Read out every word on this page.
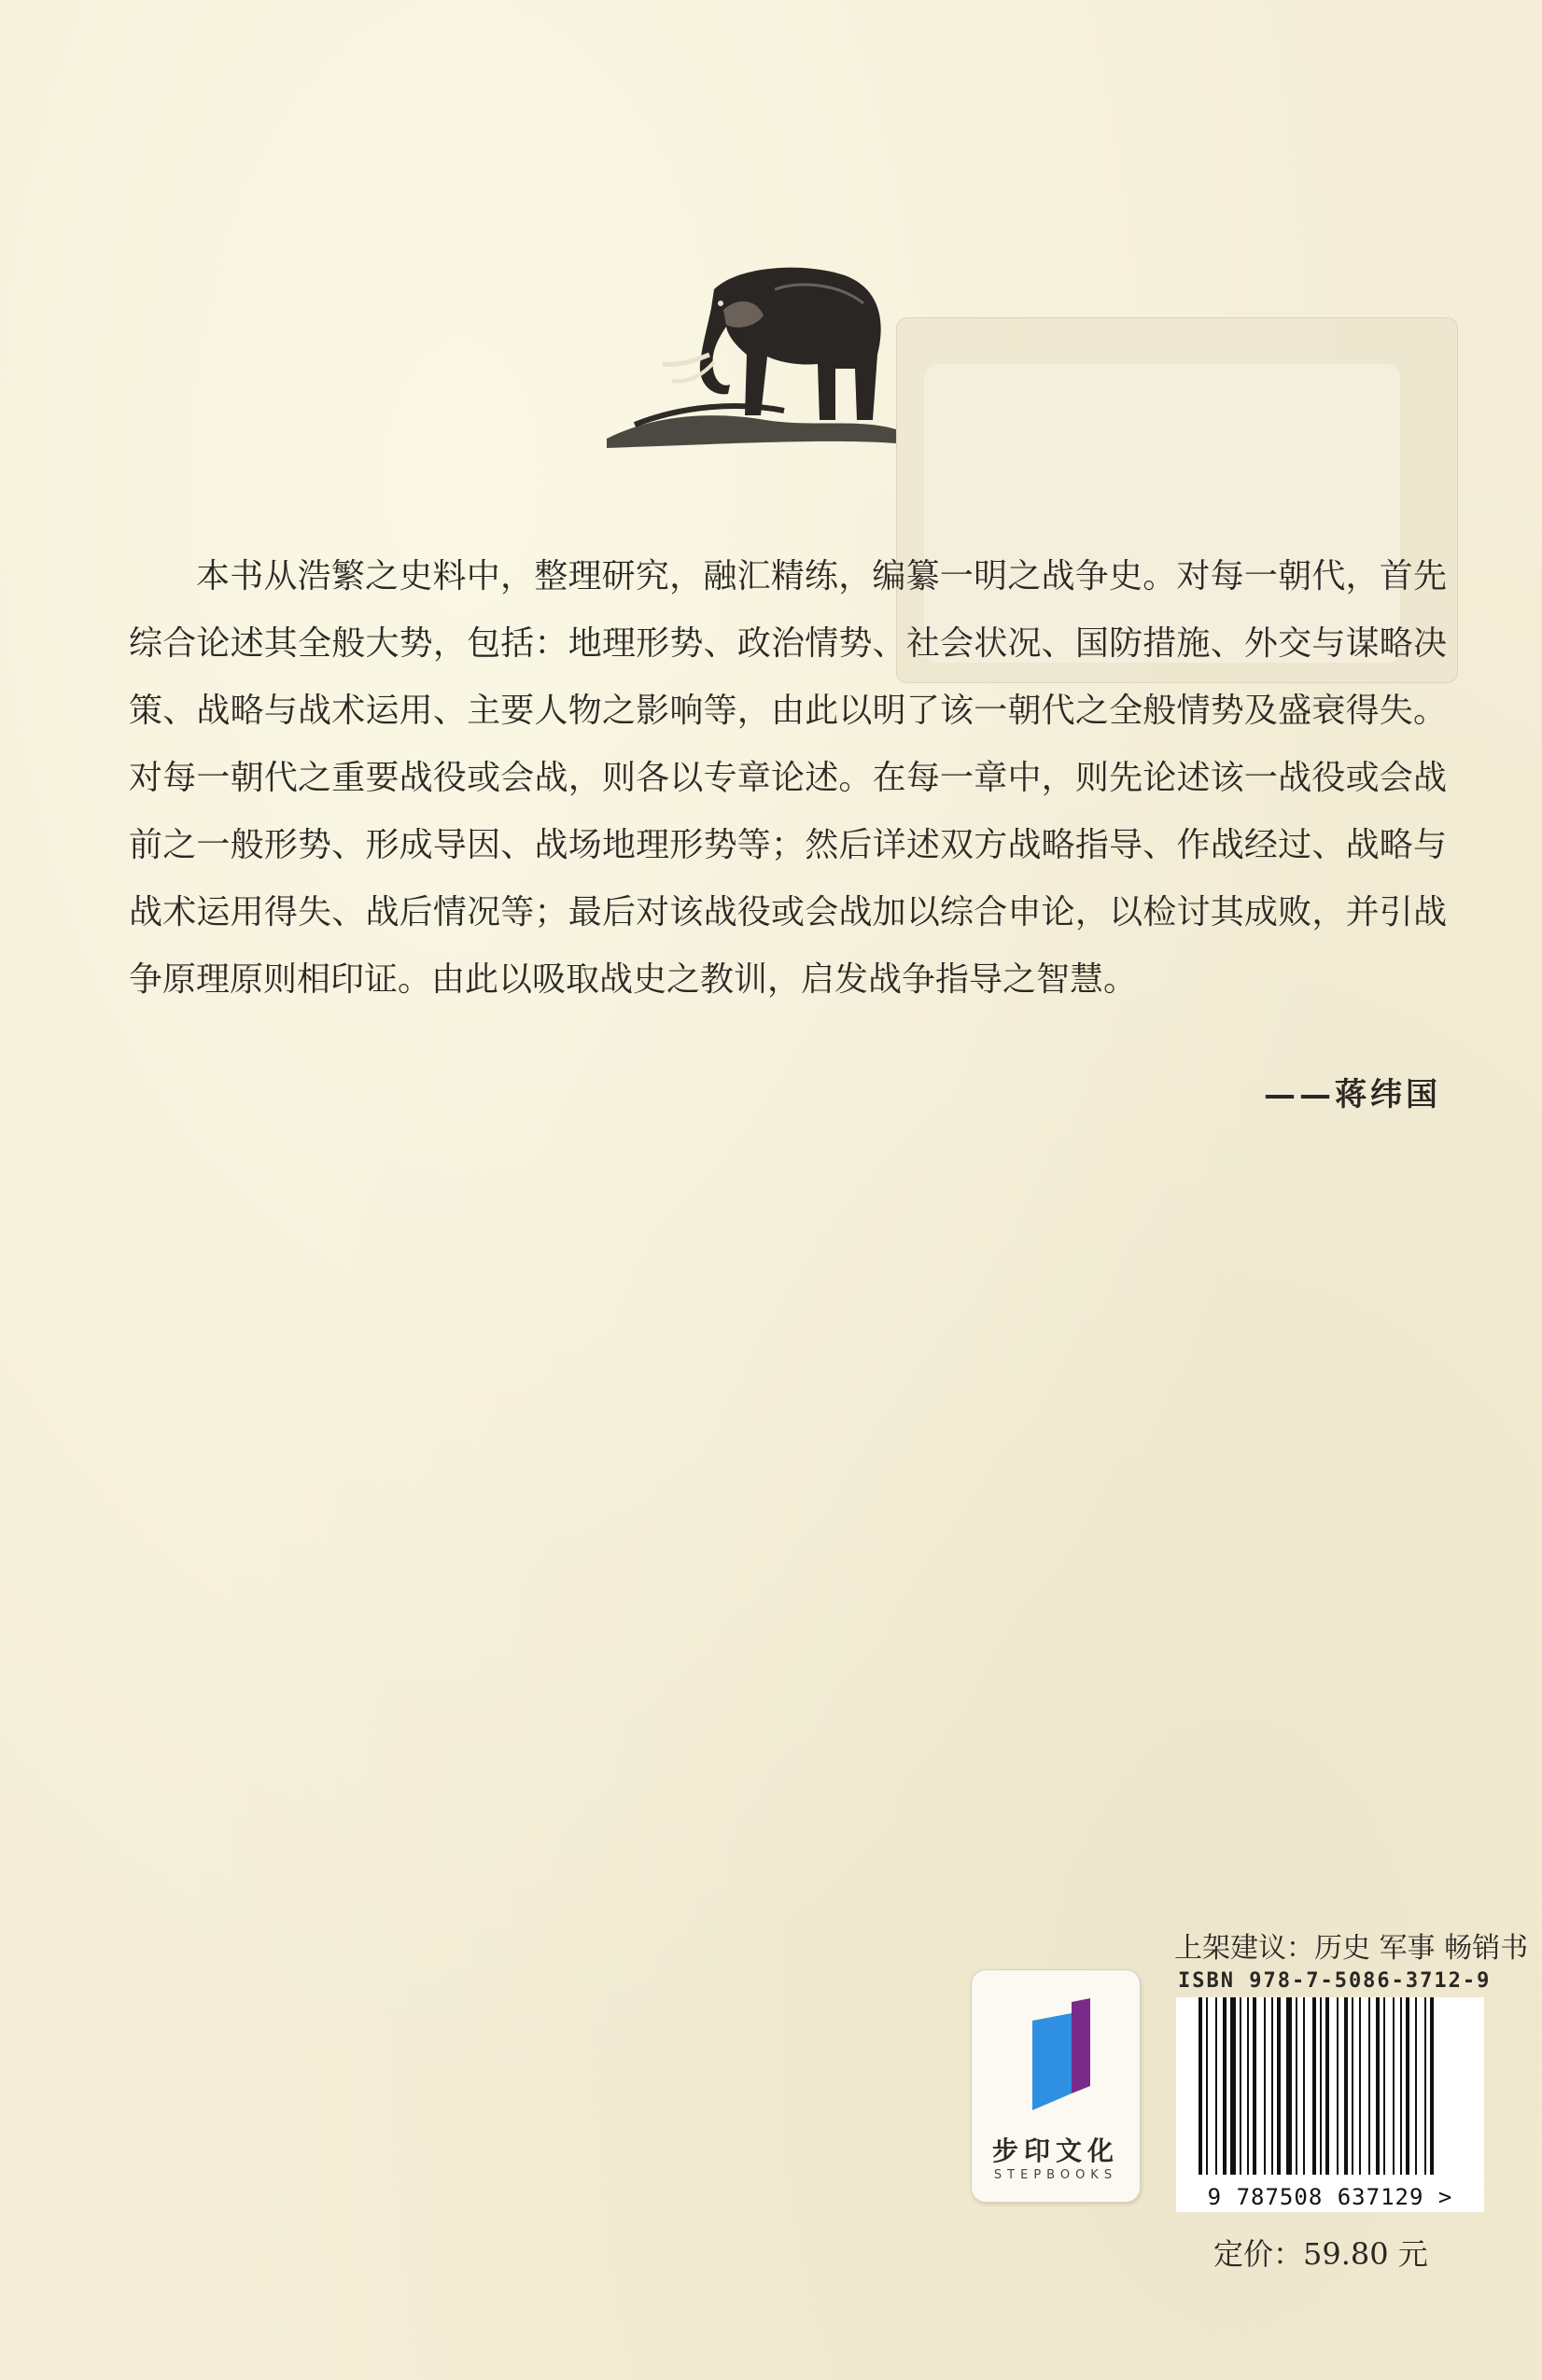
本书从浩繁之史料中，整理研究，融汇精练，编纂一明之战争史。对每一朝代，首先综合论述其全般大势，包括：地理形势、政治情势、社会状况、国防措施、外交与谋略决策、战略与战术运用、主要人物之影响等，由此以明了该一朝代之全般情势及盛衰得失。对每一朝代之重要战役或会战，则各以专章论述。在每一章中，则先论述该一战役或会战前之一般形势、形成导因、战场地理形势等；然后详述双方战略指导、作战经过、战略与战术运用得失、战后情况等；最后对该战役或会战加以综合申论，以检讨其成败，并引战争原理原则相印证。由此以吸取战史之教训，启发战争指导之智慧。

——蒋纬国
步印文化
STEPBOOKS
上架建议：历史 军事 畅销书
ISBN 978-7-5086-3712-9
9 787508 637129 >
定价：59.80 元
